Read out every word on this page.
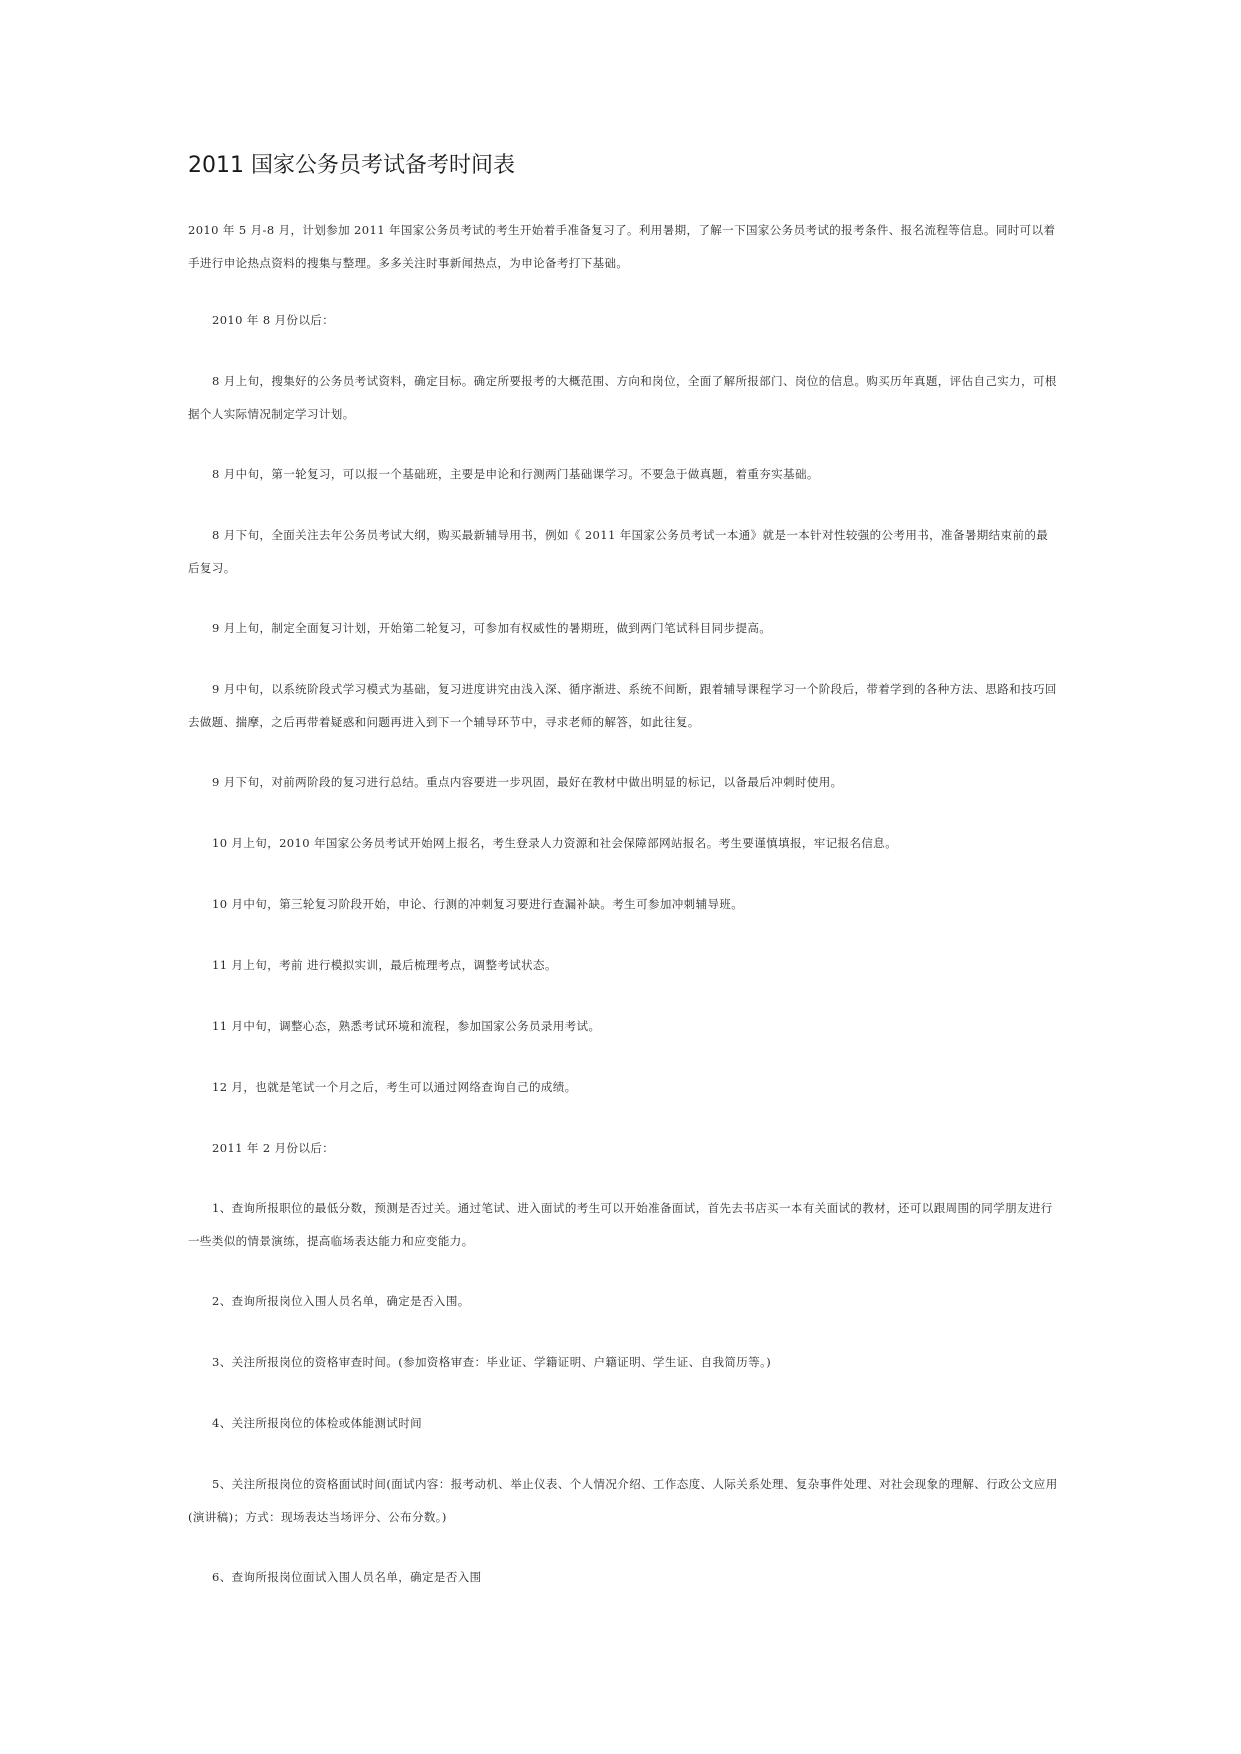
2011 国家公务员考试备考时间表

2010 年 5 月-8 月，计划参加 2011 年国家公务员考试的考生开始着手准备复习了。利用暑期，了解一下国家公务员考试的报考条件、报名流程等信息。同时可以着手进行申论热点资料的搜集与整理。多多关注时事新闻热点，为申论备考打下基础。

2010 年 8 月份以后：

8 月上旬，搜集好的公务员考试资料，确定目标。确定所要报考的大概范围、方向和岗位，全面了解所报部门、岗位的信息。购买历年真题，评估自己实力，可根据个人实际情况制定学习计划。

8 月中旬，第一轮复习，可以报一个基础班，主要是申论和行测两门基础课学习。不要急于做真题，着重夯实基础。

8 月下旬，全面关注去年公务员考试大纲，购买最新辅导用书，例如《 2011 年国家公务员考试一本通》就是一本针对性较强的公考用书，准备暑期结束前的最后复习。

9 月上旬，制定全面复习计划，开始第二轮复习，可参加有权威性的暑期班，做到两门笔试科目同步提高。

9 月中旬，以系统阶段式学习模式为基础，复习进度讲究由浅入深、循序渐进、系统不间断，跟着辅导课程学习一个阶段后，带着学到的各种方法、思路和技巧回去做题、揣摩，之后再带着疑惑和问题再进入到下一个辅导环节中，寻求老师的解答，如此往复。

9 月下旬，对前两阶段的复习进行总结。重点内容要进一步巩固，最好在教材中做出明显的标记，以备最后冲刺时使用。

10 月上旬，2010 年国家公务员考试开始网上报名，考生登录人力资源和社会保障部网站报名。考生要谨慎填报，牢记报名信息。

10 月中旬，第三轮复习阶段开始，申论、行测的冲刺复习要进行查漏补缺。考生可参加冲刺辅导班。

11 月上旬，考前 进行模拟实训，最后梳理考点，调整考试状态。

11 月中旬，调整心态，熟悉考试环境和流程，参加国家公务员录用考试。

12 月，也就是笔试一个月之后，考生可以通过网络查询自己的成绩。

2011 年 2 月份以后：

1、查询所报职位的最低分数，预测是否过关。通过笔试、进入面试的考生可以开始准备面试，首先去书店买一本有关面试的教材，还可以跟周围的同学朋友进行一些类似的情景演练，提高临场表达能力和应变能力。

2、查询所报岗位入围人员名单，确定是否入围。

3、关注所报岗位的资格审查时间。(参加资格审查：毕业证、学籍证明、户籍证明、学生证、自我简历等。)

4、关注所报岗位的体检或体能测试时间

5、关注所报岗位的资格面试时间(面试内容：报考动机、举止仪表、个人情况介绍、工作态度、人际关系处理、复杂事件处理、对社会现象的理解、行政公文应用(演讲稿)；方式：现场表达当场评分、公布分数。)

6、查询所报岗位面试入围人员名单，确定是否入围
